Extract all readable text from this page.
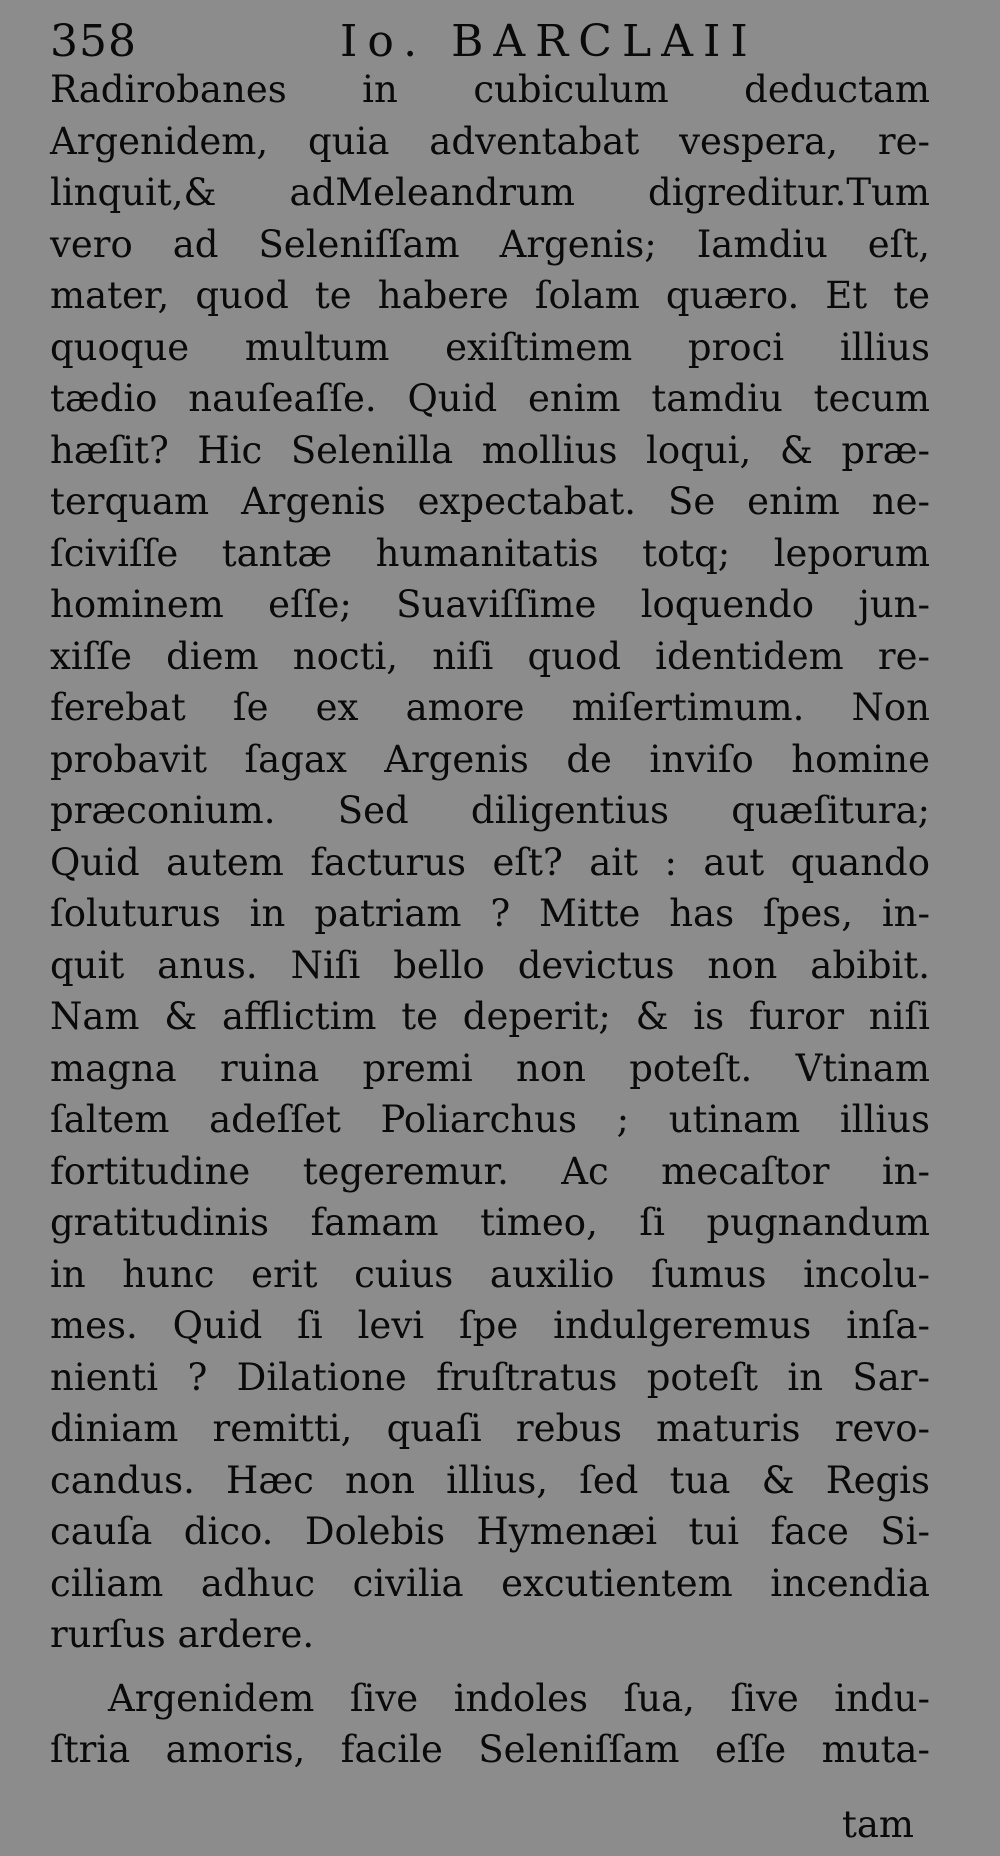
358	Io. BARCLAII
Radirobanes in cubiculum deductam
Argenidem, quia adventabat vespera, re-
linquit,& adMeleandrum digreditur.Tum
vero ad Seleniſſam Argenis; Iamdiu eſt,
mater, quod te habere ſolam quæro. Et te
quoque multum exiſtimem proci illius
tædio nauſeaſſe. Quid enim tamdiu tecum
hæſit? Hic Selenilla mollius loqui, & præ-
terquam Argenis expectabat. Se enim ne-
ſciviſſe tantæ humanitatis totq; leporum
hominem eſſe; Suaviſſime loquendo jun-
xiſſe diem nocti, niſi quod identidem re-
ferebat ſe ex amore miſertimum. Non
probavit ſagax Argenis de inviſo homine
præconium. Sed diligentius quæſitura;
Quid autem facturus eſt? ait : aut quando
ſoluturus in patriam ? Mitte has ſpes, in-
quit anus. Niſi bello devictus non abibit.
Nam & afflictim te deperit; & is furor niſi
magna ruina premi non poteſt. Vtinam
ſaltem adeſſet Poliarchus ; utinam illius
fortitudine tegeremur. Ac mecaſtor in-
gratitudinis famam timeo, ſi pugnandum
in hunc erit cuius auxilio ſumus incolu-
mes. Quid ſi levi ſpe indulgeremus inſa-
nienti ? Dilatione fruſtratus poteſt in Sar-
diniam remitti, quaſi rebus maturis revo-
candus. Hæc non illius, ſed tua & Regis
cauſa dico. Dolebis Hymenæi tui face Si-
ciliam adhuc civilia excutientem incendia
rurſus ardere.
Argenidem ſive indoles ſua, ſive indu-
ſtria amoris, facile Seleniſſam eſſe muta-
tam
